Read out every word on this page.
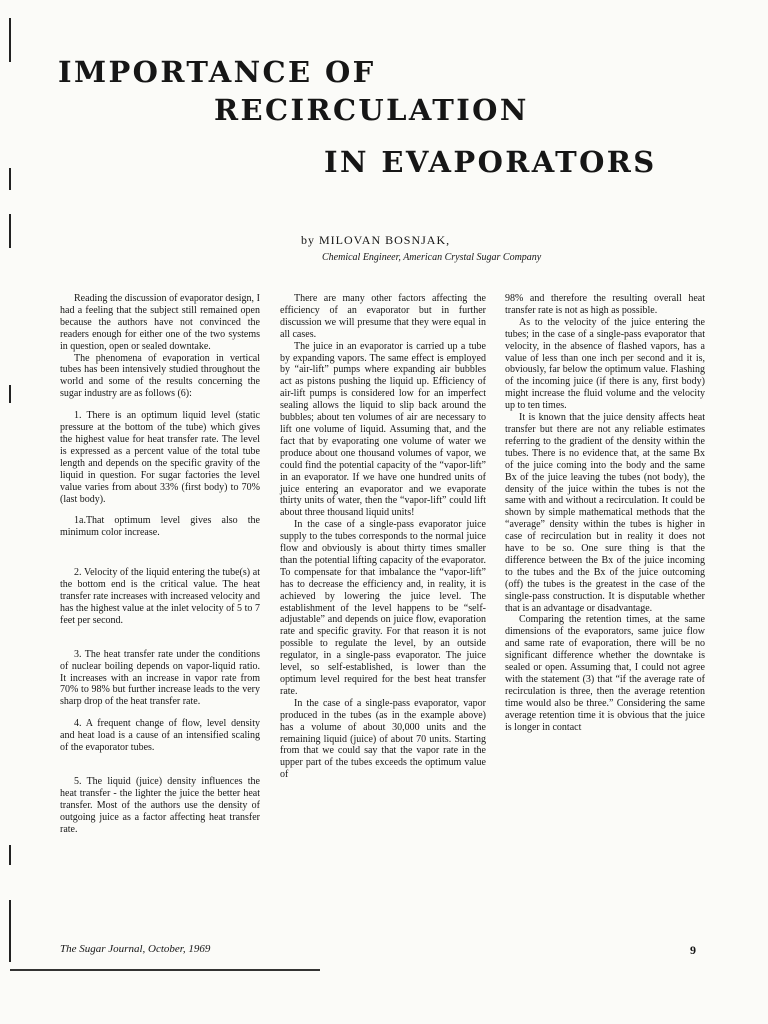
IMPORTANCE OF
RECIRCULATION
IN EVAPORATORS
by MILOVAN BOSNJAK,
Chemical Engineer, American Crystal Sugar Company

Reading the discussion of evaporator design, I had a feeling that the subject still remained open because the authors have not convinced the readers enough for either one of the two systems in question, open or sealed downtake.

The phenomena of evaporation in vertical tubes has been intensively studied throughout the world and some of the results concerning the sugar industry are as follows (6):

1. There is an optimum liquid level (static pressure at the bottom of the tube) which gives the highest value for heat transfer rate. The level is expressed as a percent value of the total tube length and depends on the specific gravity of the liquid in question. For sugar factories the level value varies from about 33% (first body) to 70% (last body).

1a.That optimum level gives also the minimum color increase.

2. Velocity of the liquid entering the tube(s) at the bottom end is the critical value. The heat transfer rate increases with increased velocity and has the highest value at the inlet velocity of 5 to 7 feet per second.

3. The heat transfer rate under the conditions of nuclear boiling depends on vapor-liquid ratio. It increases with an increase in vapor rate from 70% to 98% but further increase leads to the very sharp drop of the heat transfer rate.

4. A frequent change of flow, level density and heat load is a cause of an intensified scaling of the evaporator tubes.

5. The liquid (juice) density influences the heat transfer - the lighter the juice the better heat transfer. Most of the authors use the density of outgoing juice as a factor affecting heat transfer rate.

There are many other factors affecting the efficiency of an evaporator but in further discussion we will presume that they were equal in all cases.

The juice in an evaporator is carried up a tube by expanding vapors. The same effect is employed by “air-lift” pumps where expanding air bubbles act as pistons pushing the liquid up. Efficiency of air-lift pumps is considered low for an imperfect sealing allows the liquid to slip back around the bubbles; about ten volumes of air are necessary to lift one volume of liquid. Assuming that, and the fact that by evaporating one volume of water we produce about one thousand volumes of vapor, we could find the potential capacity of the “vapor-lift” in an evaporator. If we have one hundred units of juice entering an evaporator and we evaporate thirty units of water, then the “vapor-lift” could lift about three thousand liquid units!

In the case of a single-pass evaporator juice supply to the tubes corresponds to the normal juice flow and obviously is about thirty times smaller than the potential lifting capacity of the evaporator. To compensate for that imbalance the “vapor-lift” has to decrease the efficiency and, in reality, it is achieved by lowering the juice level. The establishment of the level happens to be “self-adjustable” and depends on juice flow, evaporation rate and specific gravity. For that reason it is not possible to regulate the level, by an outside regulator, in a single-pass evaporator. The juice level, so self-established, is lower than the optimum level required for the best heat transfer rate.

In the case of a single-pass evaporator, vapor produced in the tubes (as in the example above) has a volume of about 30,000 units and the remaining liquid (juice) of about 70 units. Starting from that we could say that the vapor rate in the upper part of the tubes exceeds the optimum value of

98% and therefore the resulting overall heat transfer rate is not as high as possible.

As to the velocity of the juice entering the tubes; in the case of a single-pass evaporator that velocity, in the absence of flashed vapors, has a value of less than one inch per second and it is, obviously, far below the optimum value. Flashing of the incoming juice (if there is any, first body) might increase the fluid volume and the velocity up to ten times.

It is known that the juice density affects heat transfer but there are not any reliable estimates referring to the gradient of the density within the tubes. There is no evidence that, at the same Bx of the juice coming into the body and the same Bx of the juice leaving the tubes (not body), the density of the juice within the tubes is not the same with and without a recirculation. It could be shown by simple mathematical methods that the “average” density within the tubes is higher in case of recirculation but in reality it does not have to be so. One sure thing is that the difference between the Bx of the juice incoming to the tubes and the Bx of the juice outcoming (off) the tubes is the greatest in the case of the single-pass construction. It is disputable whether that is an advantage or disadvantage.

Comparing the retention times, at the same dimensions of the evaporators, same juice flow and same rate of evaporation, there will be no significant difference whether the downtake is sealed or open. Assuming that, I could not agree with the statement (3) that “if the average rate of recirculation is three, then the average retention time would also be three.” Considering the same average retention time it is obvious that the juice is longer in contact

The Sugar Journal, October, 1969	9
